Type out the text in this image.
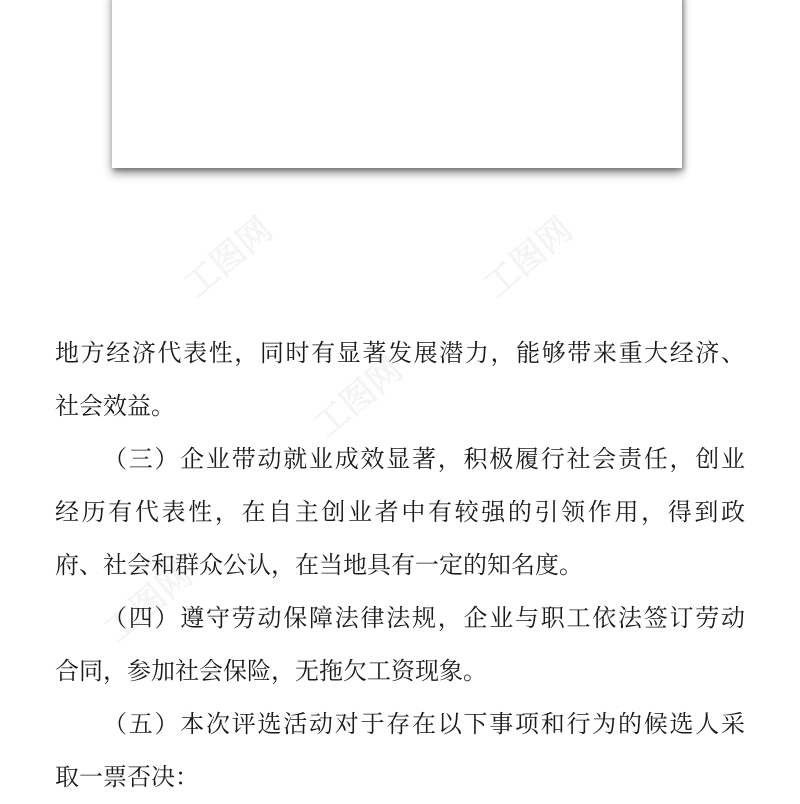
地方经济代表性，同时有显著发展潜力，能够带来重大经济、
社会效益。
（三）企业带动就业成效显著，积极履行社会责任，创业
经历有代表性，在自主创业者中有较强的引领作用，得到政
府、社会和群众公认，在当地具有一定的知名度。
（四）遵守劳动保障法律法规，企业与职工依法签订劳动
合同，参加社会保险，无拖欠工资现象。
（五）本次评选活动对于存在以下事项和行为的候选人采
取一票否决：
